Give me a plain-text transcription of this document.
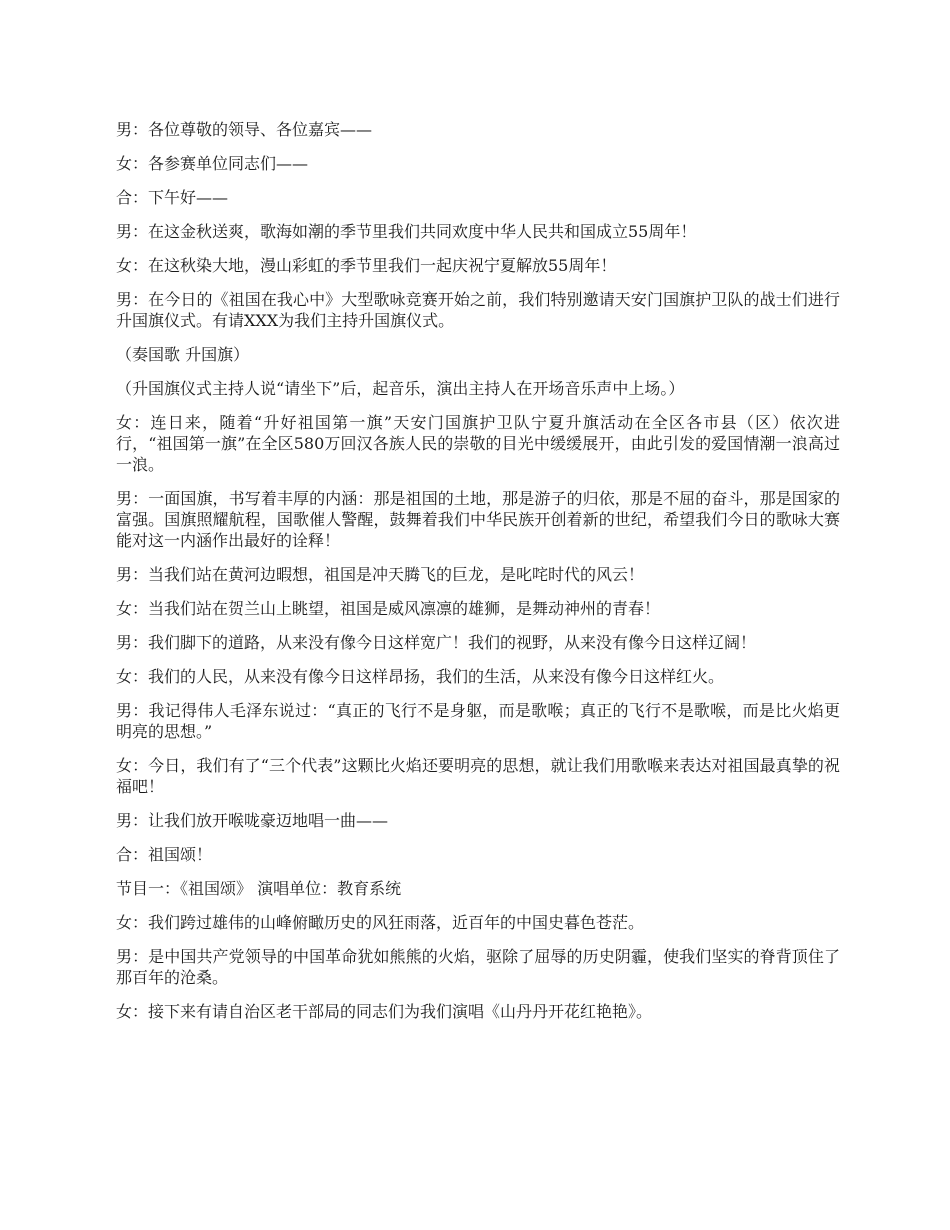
男：各位尊敬的领导、各位嘉宾——

女：各参赛单位同志们——

合：下午好——

男：在这金秋送爽，歌海如潮的季节里我们共同欢度中华人民共和国成立55周年！

女：在这秋染大地，漫山彩虹的季节里我们一起庆祝宁夏解放55周年！

男：在今日的《祖国在我心中》大型歌咏竞赛开始之前，我们特别邀请天安门国旗护卫队的战士们进行升国旗仪式。有请XXX为我们主持升国旗仪式。

（奏国歌 升国旗）

（升国旗仪式主持人说“请坐下”后，起音乐，演出主持人在开场音乐声中上场。）

女：连日来，随着“升好祖国第一旗”天安门国旗护卫队宁夏升旗活动在全区各市县（区）依次进行，“祖国第一旗”在全区580万回汉各族人民的崇敬的目光中缓缓展开，由此引发的爱国情潮一浪高过一浪。

男：一面国旗，书写着丰厚的内涵：那是祖国的土地，那是游子的归依，那是不屈的奋斗，那是国家的富强。国旗照耀航程，国歌催人警醒，鼓舞着我们中华民族开创着新的世纪，希望我们今日的歌咏大赛能对这一内涵作出最好的诠释！

男：当我们站在黄河边暇想，祖国是冲天腾飞的巨龙，是叱咤时代的风云！

女：当我们站在贺兰山上眺望，祖国是威风凛凛的雄狮，是舞动神州的青春！

男：我们脚下的道路，从来没有像今日这样宽广！我们的视野，从来没有像今日这样辽阔！

女：我们的人民，从来没有像今日这样昂扬，我们的生活，从来没有像今日这样红火。

男：我记得伟人毛泽东说过：“真正的飞行不是身躯，而是歌喉；真正的飞行不是歌喉，而是比火焰更明亮的思想。”

女：今日，我们有了“三个代表”这颗比火焰还要明亮的思想，就让我们用歌喉来表达对祖国最真挚的祝福吧！

男：让我们放开喉咙豪迈地唱一曲——

合：祖国颂！

节目一：《祖国颂》 演唱单位：教育系统

女：我们跨过雄伟的山峰俯瞰历史的风狂雨落，近百年的中国史暮色苍茫。

男：是中国共产党领导的中国革命犹如熊熊的火焰，驱除了屈辱的历史阴霾，使我们坚实的脊背顶住了那百年的沧桑。

女：接下来有请自治区老干部局的同志们为我们演唱《山丹丹开花红艳艳》。
